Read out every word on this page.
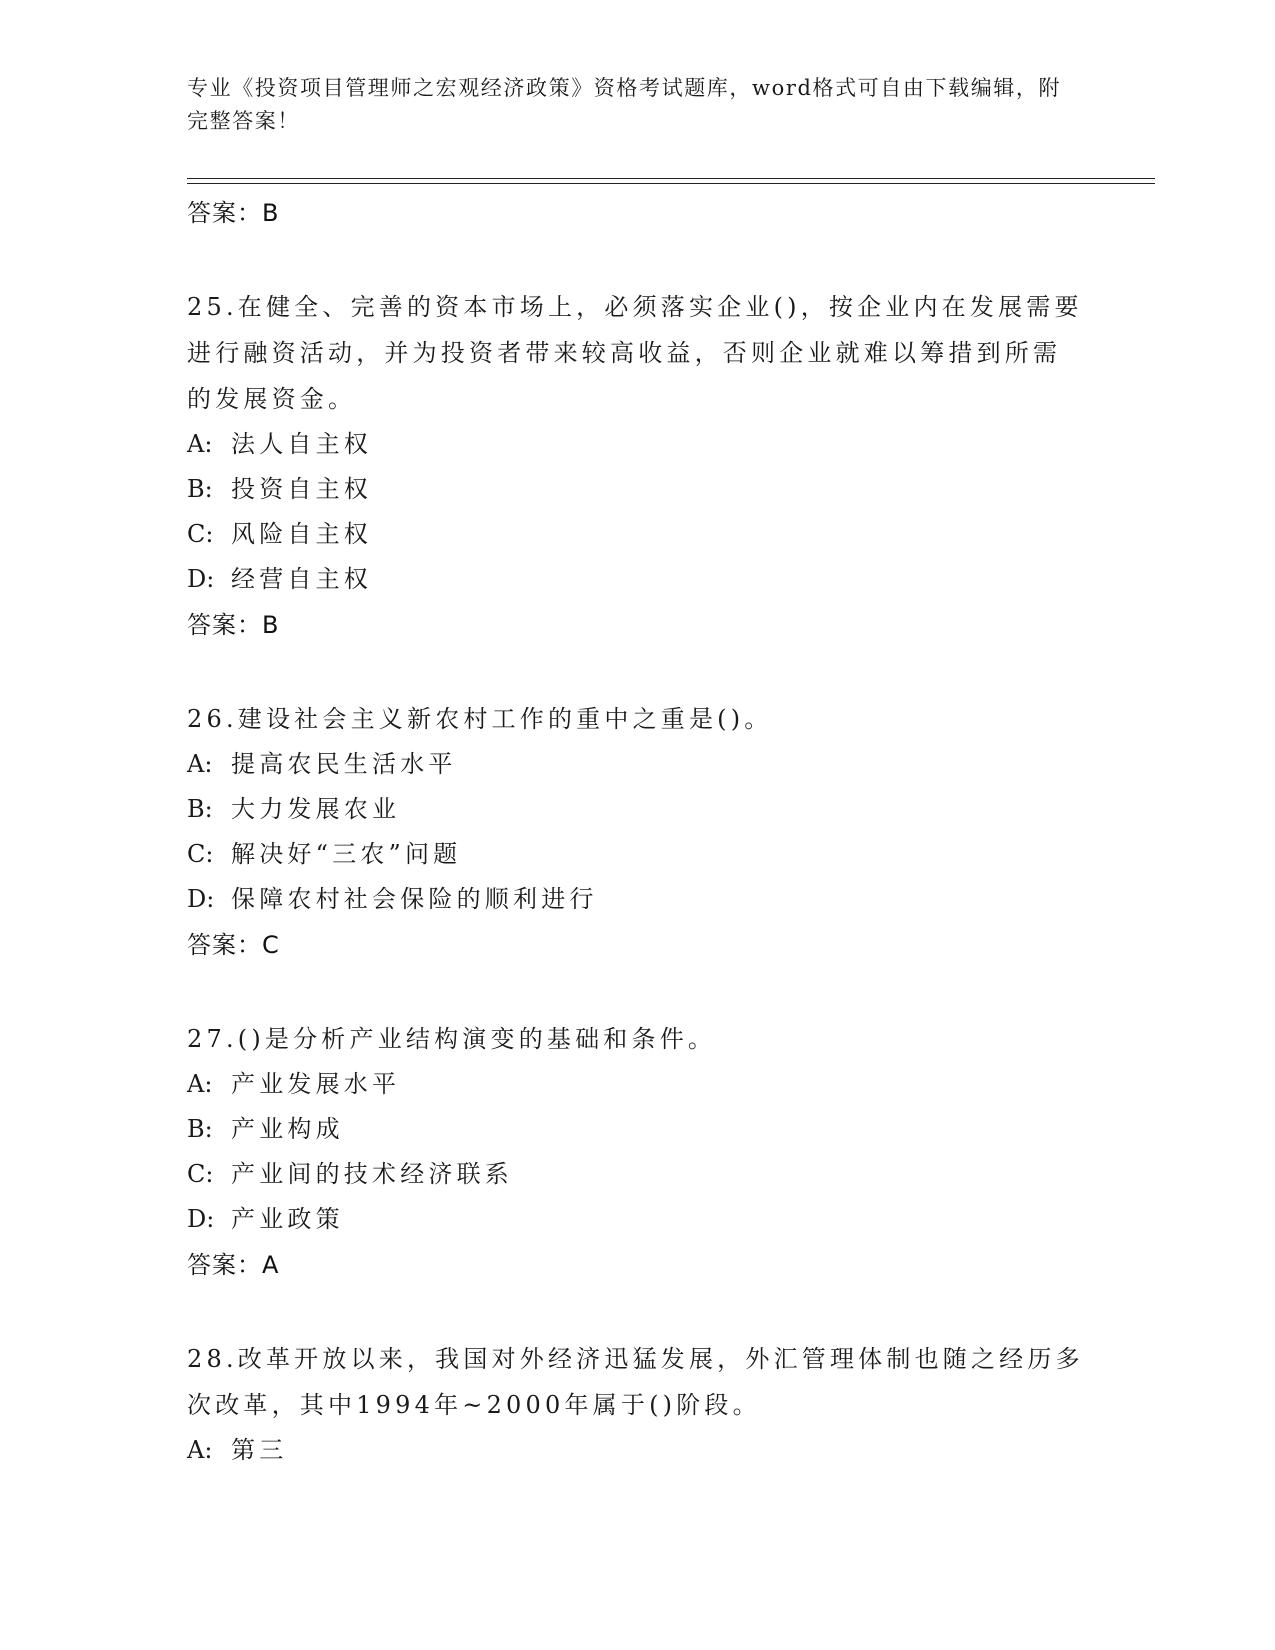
专业《投资项目管理师之宏观经济政策》资格考试题库，word格式可自由下载编辑，附完整答案！
答案：B
25.在健全、完善的资本市场上，必须落实企业()，按企业内在发展需要进行融资活动，并为投资者带来较高收益，否则企业就难以筹措到所需的发展资金。
A: 法人自主权
B: 投资自主权
C: 风险自主权
D: 经营自主权
答案：B
26.建设社会主义新农村工作的重中之重是()。
A: 提高农民生活水平
B: 大力发展农业
C: 解决好“三农”问题
D: 保障农村社会保险的顺利进行
答案：C
27.()是分析产业结构演变的基础和条件。
A: 产业发展水平
B: 产业构成
C: 产业间的技术经济联系
D: 产业政策
答案：A
28.改革开放以来，我国对外经济迅猛发展，外汇管理体制也随之经历多次改革，其中1994年~2000年属于()阶段。
A: 第三
